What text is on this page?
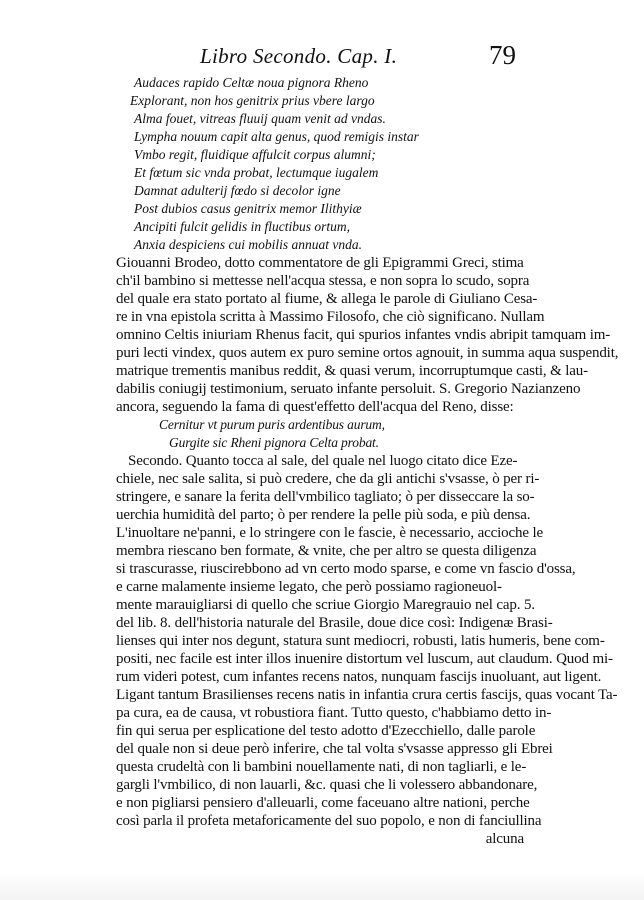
Libro Secondo. Cap. I.	79
Audaces rapido Celtæ noua pignora Rheno
Explorant, non hos genitrix prius vbere largo
Alma fouet, vitreas fluuij quam venit ad vndas.
Lympha nouum capit alta genus, quod remigis instar
Vmbo regit, fluidique affulcit corpus alumni;
Et fœtum sic vnda probat, lectumque iugalem
Damnat adulterij fœdo si decolor igne
Post dubios casus genitrix memor Ilithyiæ
Ancipiti fulcit gelidis in fluctibus ortum,
Anxia despiciens cui mobilis annuat vnda.
Giouanni Brodeo, dotto commentatore de gli Epigrammi Greci, stima
ch'il bambino si mettesse nell'acqua stessa, e non sopra lo scudo, sopra
del quale era stato portato al fiume, & allega le parole di Giuliano Cesa-
re in vna epistola scritta à Massimo Filosofo, che ciò significano. Nullam
omnino Celtis iniuriam Rhenus facit, qui spurios infantes vndis abripit tamquam im-
puri lecti vindex, quos autem ex puro semine ortos agnouit, in summa aqua suspendit,
matrique trementis manibus reddit, & quasi verum, incorruptumque casti, & lau-
dabilis coniugij testimonium, seruato infante persoluit. S. Gregorio Nazianzeno
ancora, seguendo la fama di quest'effetto dell'acqua del Reno, disse:
Cernitur vt purum puris ardentibus aurum,
Gurgite sic Rheni pignora Celta probat.
Secondo. Quanto tocca al sale, del quale nel luogo citato dice Eze-
chiele, nec sale salita, si può credere, che da gli antichi s'vsasse, ò per ri-
stringere, e sanare la ferita dell'vmbilico tagliato; ò per disseccare la so-
uerchia humidità del parto; ò per rendere la pelle più soda, e più densa.
L'inuoltare ne'panni, e lo stringere con le fascie, è necessario, accioche le
membra riescano ben formate, & vnite, che per altro se questa diligenza
si trascurasse, riuscirebbono ad vn certo modo sparse, e come vn fascio d'ossa,
e carne malamente insieme legato, che però possiamo ragioneuol-
mente marauigliarsi di quello che scriue Giorgio Maregrauio nel cap. 5.
del lib. 8. dell'historia naturale del Brasile, doue dice così: Indigenæ Brasi-
lienses qui inter nos degunt, statura sunt mediocri, robusti, latis humeris, bene com-
positi, nec facile est inter illos inuenire distortum vel luscum, aut claudum. Quod mi-
rum videri potest, cum infantes recens natos, nunquam fascijs inuoluant, aut ligent.
Ligant tantum Brasilienses recens natis in infantia crura certis fascijs, quas vocant Ta-
pa cura, ea de causa, vt robustiora fiant. Tutto questo, c'habbiamo detto in-
fin qui serua per esplicatione del testo adotto d'Ezecchiello, dalle parole
del quale non si deue però inferire, che tal volta s'vsasse appresso gli Ebrei
questa crudeltà con li bambini nouellamente nati, di non tagliarli, e le-
gargli l'vmbilico, di non lauarli, &c. quasi che li volessero abbandonare,
e non pigliarsi pensiero d'alleuarli, come faceuano altre nationi, perche
così parla il profeta metaforicamente del suo popolo, e non di fanciullina
alcuna
